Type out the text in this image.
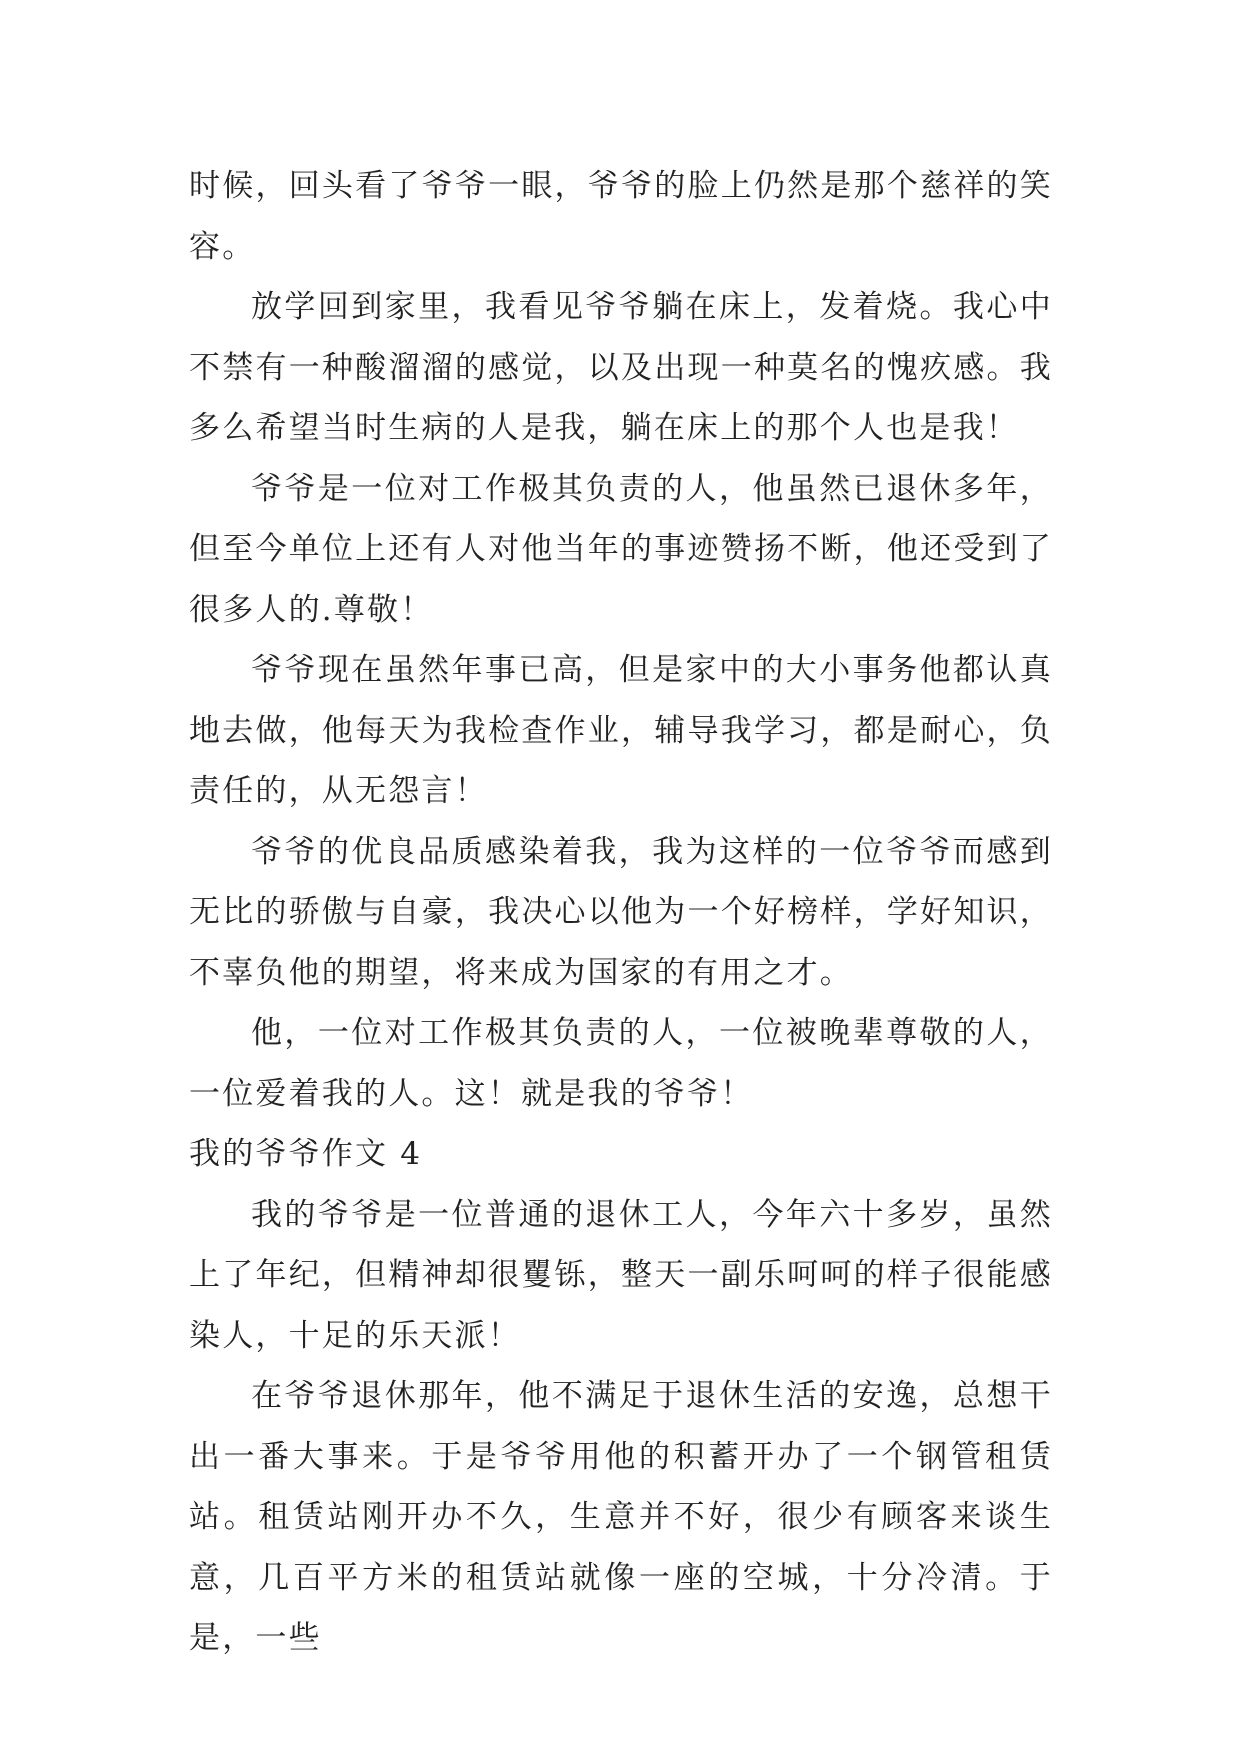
时候，回头看了爷爷一眼，爷爷的脸上仍然是那个慈祥的笑容。

放学回到家里，我看见爷爷躺在床上，发着烧。我心中不禁有一种酸溜溜的感觉，以及出现一种莫名的愧疚感。我多么希望当时生病的人是我，躺在床上的那个人也是我！

爷爷是一位对工作极其负责的人，他虽然已退休多年，但至今单位上还有人对他当年的事迹赞扬不断，他还受到了很多人的.尊敬！

爷爷现在虽然年事已高，但是家中的大小事务他都认真地去做，他每天为我检查作业，辅导我学习，都是耐心，负责任的，从无怨言！

爷爷的优良品质感染着我，我为这样的一位爷爷而感到无比的骄傲与自豪，我决心以他为一个好榜样，学好知识，不辜负他的期望，将来成为国家的有用之才。

他，一位对工作极其负责的人，一位被晚辈尊敬的人，一位爱着我的人。这！就是我的爷爷！

我的爷爷作文 4

我的爷爷是一位普通的退休工人，今年六十多岁，虽然上了年纪，但精神却很矍铄，整天一副乐呵呵的样子很能感染人，十足的乐天派！

在爷爷退休那年，他不满足于退休生活的安逸，总想干出一番大事来。于是爷爷用他的积蓄开办了一个钢管租赁站。租赁站刚开办不久，生意并不好，很少有顾客来谈生意，几百平方米的租赁站就像一座的空城，十分冷清。于是，一些
